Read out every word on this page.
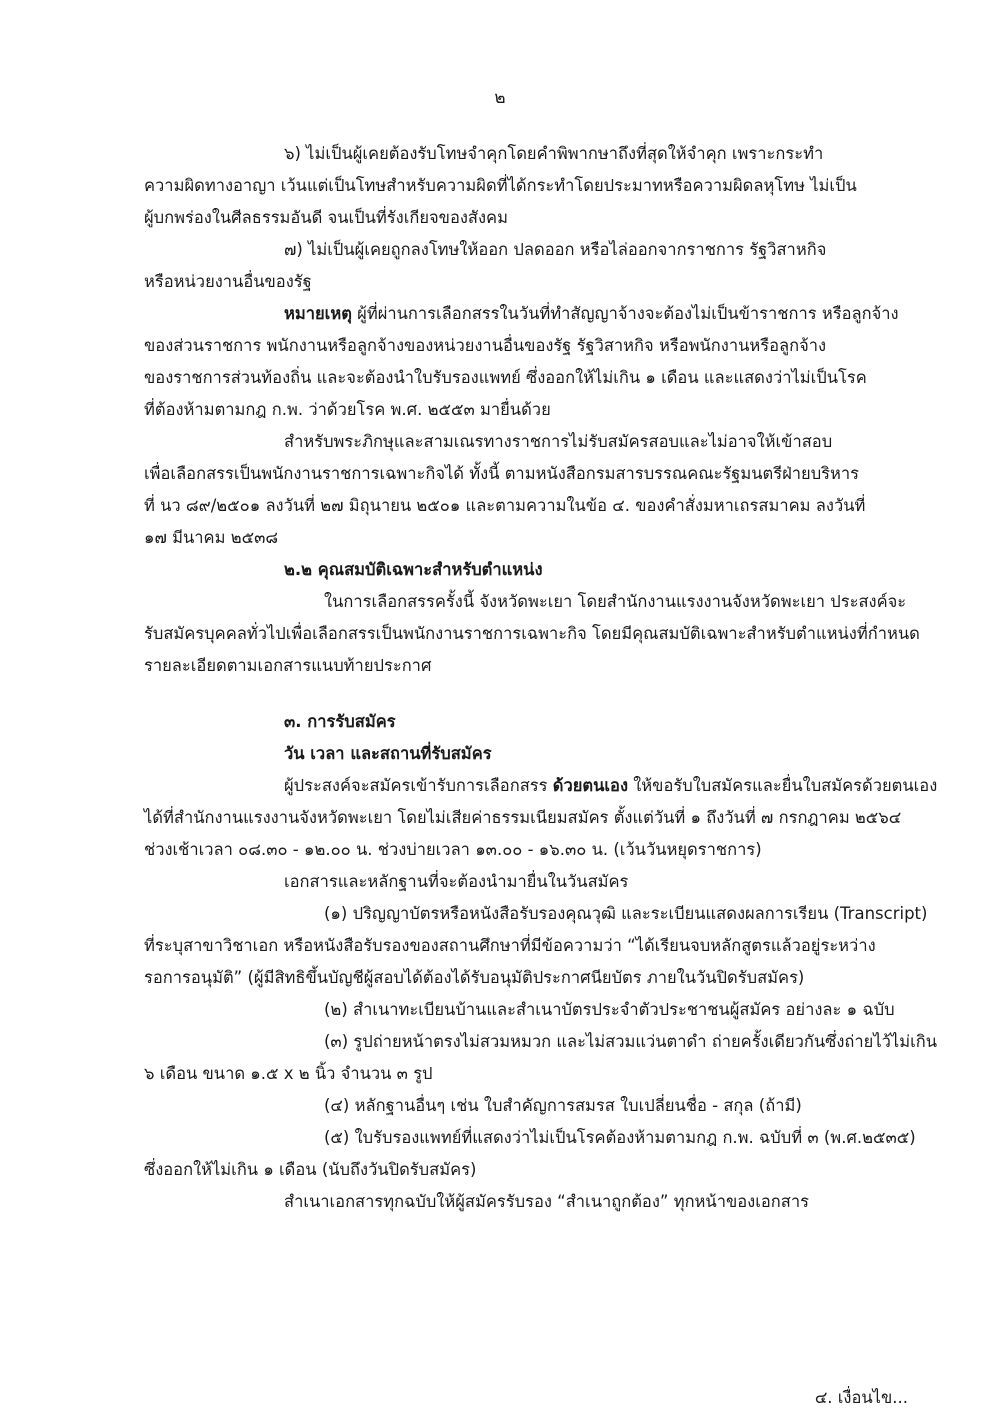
๒
๖) ไม่เป็นผู้เคยต้องรับโทษจำคุกโดยคำพิพากษาถึงที่สุดให้จำคุก เพราะกระทำ
ความผิดทางอาญา เว้นแต่เป็นโทษสำหรับความผิดที่ได้กระทำโดยประมาทหรือความผิดลหุโทษ ไม่เป็น
ผู้บกพร่องในศีลธรรมอันดี จนเป็นที่รังเกียจของสังคม
๗) ไม่เป็นผู้เคยถูกลงโทษให้ออก ปลดออก หรือไล่ออกจากราชการ รัฐวิสาหกิจ
หรือหน่วยงานอื่นของรัฐ
หมายเหตุ ผู้ที่ผ่านการเลือกสรรในวันที่ทำสัญญาจ้างจะต้องไม่เป็นข้าราชการ หรือลูกจ้าง
ของส่วนราชการ พนักงานหรือลูกจ้างของหน่วยงานอื่นของรัฐ รัฐวิสาหกิจ หรือพนักงานหรือลูกจ้าง
ของราชการส่วนท้องถิ่น และจะต้องนำใบรับรองแพทย์ ซึ่งออกให้ไม่เกิน ๑ เดือน และแสดงว่าไม่เป็นโรค
ที่ต้องห้ามตามกฎ ก.พ. ว่าด้วยโรค พ.ศ. ๒๕๕๓ มายื่นด้วย
สำหรับพระภิกษุและสามเณรทางราชการไม่รับสมัครสอบและไม่อาจให้เข้าสอบ
เพื่อเลือกสรรเป็นพนักงานราชการเฉพาะกิจได้ ทั้งนี้ ตามหนังสือกรมสารบรรณคณะรัฐมนตรีฝ่ายบริหาร
ที่ นว ๘๙/๒๕๐๑ ลงวันที่ ๒๗ มิถุนายน ๒๕๐๑ และตามความในข้อ ๔. ของคำสั่งมหาเถรสมาคม ลงวันที่
๑๗ มีนาคม ๒๕๓๘
๒.๒ คุณสมบัติเฉพาะสำหรับตำแหน่ง
ในการเลือกสรรครั้งนี้ จังหวัดพะเยา โดยสำนักงานแรงงานจังหวัดพะเยา ประสงค์จะ
รับสมัครบุคคลทั่วไปเพื่อเลือกสรรเป็นพนักงานราชการเฉพาะกิจ โดยมีคุณสมบัติเฉพาะสำหรับตำแหน่งที่กำหนด
รายละเอียดตามเอกสารแนบท้ายประกาศ
๓. การรับสมัคร
วัน เวลา และสถานที่รับสมัคร
ผู้ประสงค์จะสมัครเข้ารับการเลือกสรร ด้วยตนเอง ให้ขอรับใบสมัครและยื่นใบสมัครด้วยตนเอง
ได้ที่สำนักงานแรงงานจังหวัดพะเยา โดยไม่เสียค่าธรรมเนียมสมัคร ตั้งแต่วันที่ ๑ ถึงวันที่ ๗ กรกฎาคม ๒๕๖๔
ช่วงเช้าเวลา ๐๘.๓๐ - ๑๒.๐๐ น. ช่วงบ่ายเวลา ๑๓.๐๐ - ๑๖.๓๐ น. (เว้นวันหยุดราชการ)
เอกสารและหลักฐานที่จะต้องนำมายื่นในวันสมัคร
(๑) ปริญญาบัตรหรือหนังสือรับรองคุณวุฒิ และระเบียนแสดงผลการเรียน (Transcript)
ที่ระบุสาขาวิชาเอก หรือหนังสือรับรองของสถานศึกษาที่มีข้อความว่า “ได้เรียนจบหลักสูตรแล้วอยู่ระหว่าง
รอการอนุมัติ” (ผู้มีสิทธิขึ้นบัญชีผู้สอบได้ต้องได้รับอนุมัติประกาศนียบัตร ภายในวันปิดรับสมัคร)
(๒) สำเนาทะเบียนบ้านและสำเนาบัตรประจำตัวประชาชนผู้สมัคร อย่างละ ๑ ฉบับ
(๓) รูปถ่ายหน้าตรงไม่สวมหมวก และไม่สวมแว่นตาดำ ถ่ายครั้งเดียวกันซึ่งถ่ายไว้ไม่เกิน
๖ เดือน ขนาด ๑.๕ x ๒ นิ้ว จำนวน ๓ รูป
(๔) หลักฐานอื่นๆ เช่น ใบสำคัญการสมรส ใบเปลี่ยนชื่อ - สกุล (ถ้ามี)
(๕) ใบรับรองแพทย์ที่แสดงว่าไม่เป็นโรคต้องห้ามตามกฎ ก.พ. ฉบับที่ ๓ (พ.ศ.๒๕๓๕)
ซึ่งออกให้ไม่เกิน ๑ เดือน (นับถึงวันปิดรับสมัคร)
สำเนาเอกสารทุกฉบับให้ผู้สมัครรับรอง “สำเนาถูกต้อง” ทุกหน้าของเอกสาร
๔. เงื่อนไข...
